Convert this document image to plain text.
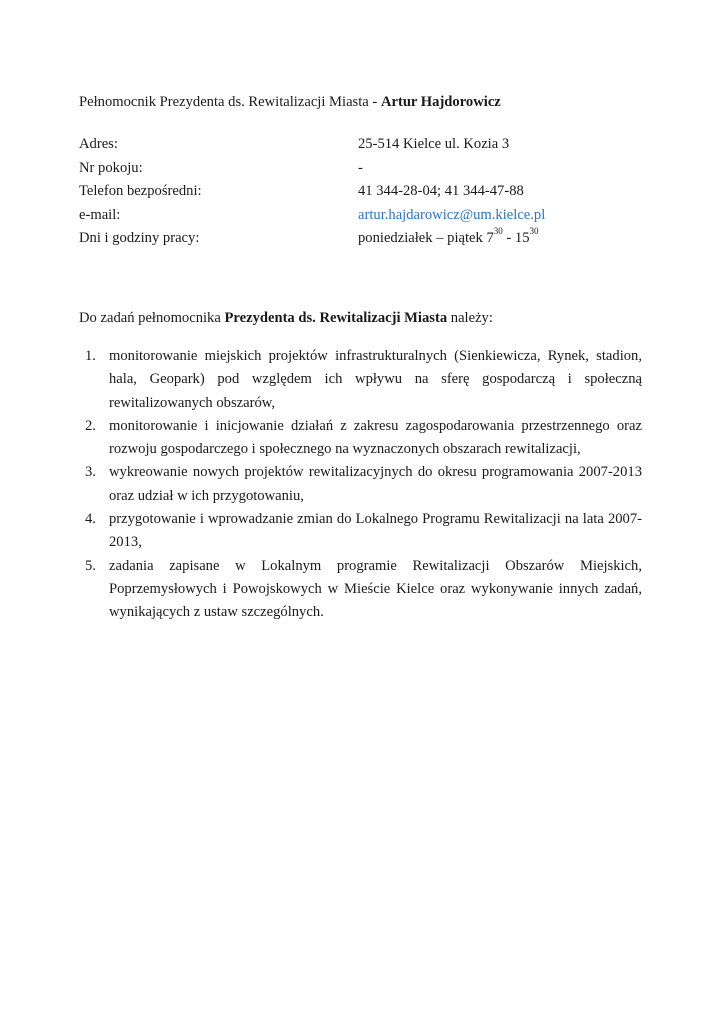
Pełnomocnik Prezydenta ds. Rewitalizacji Miasta - Artur Hajdorowicz
Adres:	25-514 Kielce ul. Kozia 3
Nr pokoju:	-
Telefon bezpośredni:	41 344-28-04; 41 344-47-88
e-mail:	artur.hajdarowicz@um.kielce.pl
Dni i godziny pracy:	poniedziałek – piątek $7^{30} - 15^{30}$
Do zadań pełnomocnika Prezydenta ds. Rewitalizacji Miasta należy:
1. monitorowanie miejskich projektów infrastrukturalnych (Sienkiewicza, Rynek, stadion, hala, Geopark) pod względem ich wpływu na sferę gospodarczą i społeczną rewitalizowanych obszarów,
2. monitorowanie i inicjowanie działań z zakresu zagospodarowania przestrzennego oraz rozwoju gospodarczego i społecznego na wyznaczonych obszarach rewitalizacji,
3. wykreowanie nowych projektów rewitalizacyjnych do okresu programowania 2007-2013 oraz udział w ich przygotowaniu,
4. przygotowanie i wprowadzanie zmian do Lokalnego Programu Rewitalizacji na lata 2007-2013,
5. zadania zapisane w Lokalnym programie Rewitalizacji Obszarów Miejskich, Poprzemysłowych i Powojskowych w Mieście Kielce oraz wykonywanie innych zadań, wynikających z ustaw szczególnych.
